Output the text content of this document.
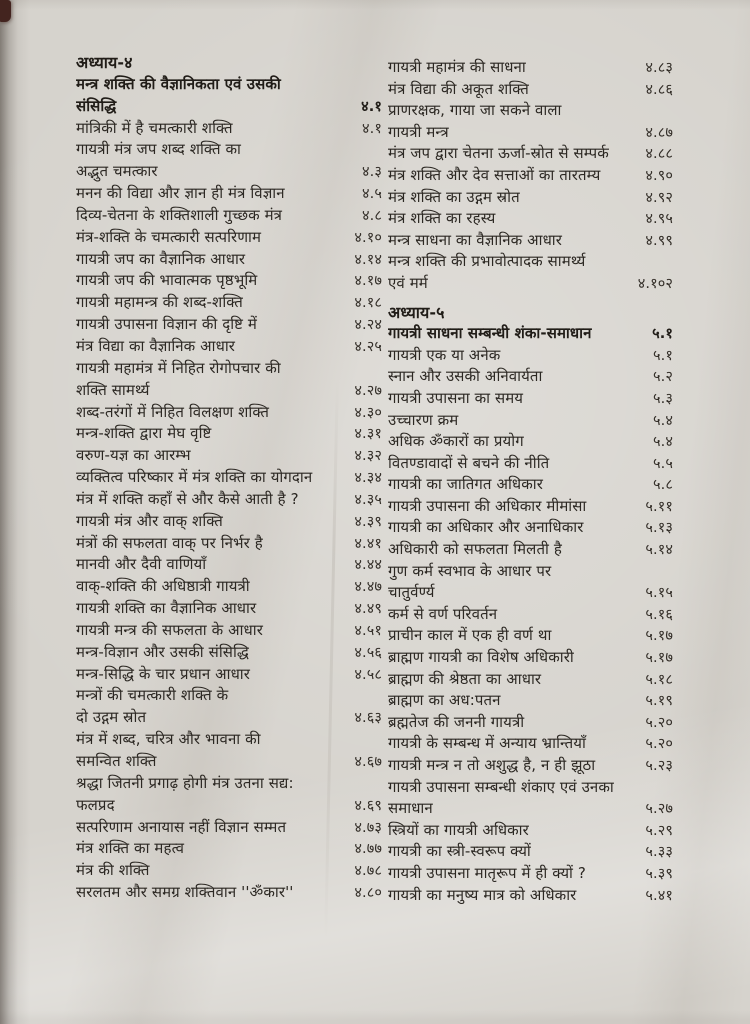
अध्याय-४
मन्त्र शक्ति की वैज्ञानिकता एवं उसकी
संसिद्धि	४.१
मांत्रिकी में है चमत्कारी शक्ति	४.१
गायत्री मंत्र जप शब्द शक्ति का
अद्भुत चमत्कार	४.३
मनन की विद्या और ज्ञान ही मंत्र विज्ञान	४.५
दिव्य-चेतना के शक्तिशाली गुच्छक मंत्र	४.८
मंत्र-शक्ति के चमत्कारी सत्परिणाम	४.१०
गायत्री जप का वैज्ञानिक आधार	४.१४
गायत्री जप की भावात्मक पृष्ठभूमि	४.१७
गायत्री महामन्त्र की शब्द-शक्ति	४.१८
गायत्री उपासना विज्ञान की दृष्टि में	४.२४
मंत्र विद्या का वैज्ञानिक आधार	४.२५
गायत्री महामंत्र में निहित रोगोपचार की
शक्ति सामर्थ्य	४.२७
शब्द-तरंगों में निहित विलक्षण शक्ति	४.३०
मन्त्र-शक्ति द्वारा मेघ वृष्टि	४.३१
वरुण-यज्ञ का आरम्भ	४.३२
व्यक्तित्व परिष्कार में मंत्र शक्ति का योगदान	४.३४
मंत्र में शक्ति कहाँ से और कैसे आती है ?	४.३५
गायत्री मंत्र और वाक् शक्ति	४.३९
मंत्रों की सफलता वाक् पर निर्भर है	४.४१
मानवी और दैवी वाणियाँ	४.४४
वाक्-शक्ति की अधिष्ठात्री गायत्री	४.४७
गायत्री शक्ति का वैज्ञानिक आधार	४.४९
गायत्री मन्त्र की सफलता के आधार	४.५१
मन्त्र-विज्ञान और उसकी संसिद्धि	४.५६
मन्त्र-सिद्धि के चार प्रधान आधार	४.५८
मन्त्रों की चमत्कारी शक्ति के
दो उद्गम स्रोत	४.६३
मंत्र में शब्द, चरित्र और भावना की
समन्वित शक्ति	४.६७
श्रद्धा जितनी प्रगाढ़ होगी मंत्र उतना सद्य:
फलप्रद	४.६९
सत्परिणाम अनायास नहीं विज्ञान सम्मत	४.७३
मंत्र शक्ति का महत्व	४.७७
मंत्र की शक्ति	४.७८
सरलतम और समग्र शक्तिवान ''ॐकार''	४.८०
गायत्री महामंत्र की साधना	४.८३
मंत्र विद्या की अकूत शक्ति	४.८६
प्राणरक्षक, गाया जा सकने वाला
गायत्री मन्त्र	४.८७
मंत्र जप द्वारा चेतना ऊर्जा-स्रोत से सम्पर्क	४.८८
मंत्र शक्ति और देव सत्ताओं का तारतम्य	४.९०
मंत्र शक्ति का उद्गम स्रोत	४.९२
मंत्र शक्ति का रहस्य	४.९५
मन्त्र साधना का वैज्ञानिक आधार	४.९९
मन्त्र शक्ति की प्रभावोत्पादक सामर्थ्य
एवं मर्म	४.१०२
अध्याय-५
गायत्री साधना सम्बन्धी शंका-समाधान	५.१
गायत्री एक या अनेक	५.१
स्नान और उसकी अनिवार्यता	५.२
गायत्री उपासना का समय	५.३
उच्चारण क्रम	५.४
अधिक ॐकारों का प्रयोग	५.४
वितण्डावादों से बचने की नीति	५.५
गायत्री का जातिगत अधिकार	५.८
गायत्री उपासना की अधिकार मीमांसा	५.११
गायत्री का अधिकार और अनाधिकार	५.१३
अधिकारी को सफलता मिलती है	५.१४
गुण कर्म स्वभाव के आधार पर
चातुर्वर्ण्य	५.१५
कर्म से वर्ण परिवर्तन	५.१६
प्राचीन काल में एक ही वर्ण था	५.१७
ब्राह्मण गायत्री का विशेष अधिकारी	५.१७
ब्राह्मण की श्रेष्ठता का आधार	५.१८
ब्राह्मण का अध:पतन	५.१९
ब्रह्मतेज की जननी गायत्री	५.२०
गायत्री के सम्बन्ध में अन्याय भ्रान्तियाँ	५.२०
गायत्री मन्त्र न तो अशुद्ध है, न ही झूठा	५.२३
गायत्री उपासना सम्बन्धी शंकाए एवं उनका
समाधान	५.२७
स्त्रियों का गायत्री अधिकार	५.२९
गायत्री का स्त्री-स्वरूप क्यों	५.३३
गायत्री उपासना मातृरूप में ही क्यों ?	५.३९
गायत्री का मनुष्य मात्र को अधिकार	५.४१
